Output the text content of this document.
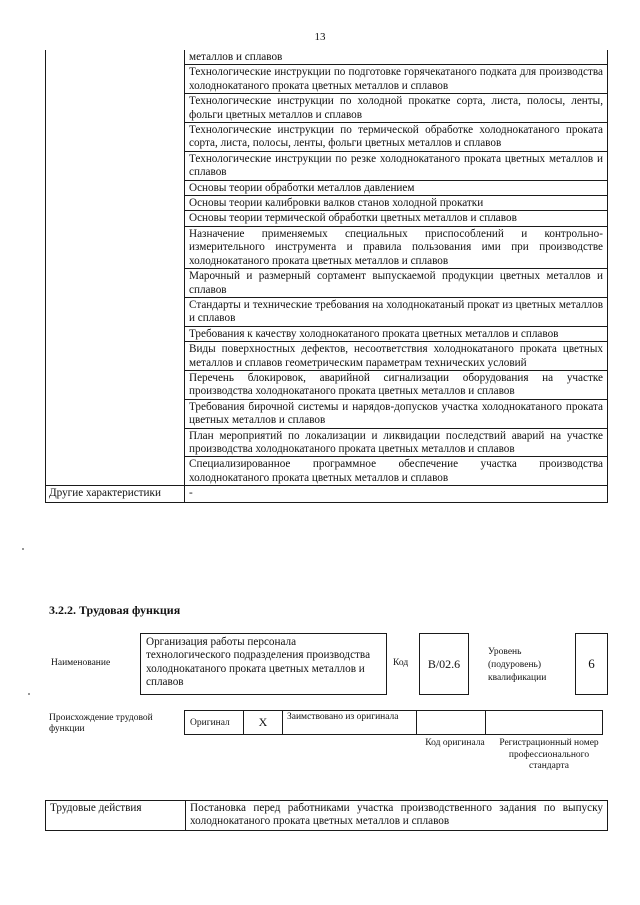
13
	металлов и сплавов
	Технологические инструкции по подготовке горячекатаного подката для производства холоднокатаного проката цветных металлов и сплавов
	Технологические инструкции по холодной прокатке сорта, листа, полосы, ленты, фольги цветных металлов и сплавов
	Технологические инструкции по термической обработке холоднокатаного проката сорта, листа, полосы, ленты, фольги цветных металлов и сплавов
	Технологические инструкции по резке холоднокатаного проката цветных металлов и сплавов
	Основы теории обработки металлов давлением
	Основы теории калибровки валков станов холодной прокатки
	Основы теории термической обработки цветных металлов и сплавов
	Назначение применяемых специальных приспособлений и контрольно-измерительного инструмента и правила пользования ими при производстве холоднокатаного проката цветных металлов и сплавов
	Марочный и размерный сортамент выпускаемой продукции цветных металлов и сплавов
	Стандарты и технические требования на холоднокатаный прокат из цветных металлов и сплавов
	Требования к качеству холоднокатаного проката цветных металлов и сплавов
	Виды поверхностных дефектов, несоответствия холоднокатаного проката цветных металлов и сплавов геометрическим параметрам технических условий
	Перечень блокировок, аварийной сигнализации оборудования на участке производства холоднокатаного проката цветных металлов и сплавов
	Требования бирочной системы и нарядов-допусков участка холоднокатаного проката цветных металлов и сплавов
	План мероприятий по локализации и ликвидации последствий аварий на участке производства холоднокатаного проката цветных металлов и сплавов
	Специализированное программное обеспечение участка производства холоднокатаного проката цветных металлов и сплавов
Другие характеристики	-
3.2.2. Трудовая функция
Наименование
Организация работы персонала технологического подразделения производства холоднокатаного проката цветных металлов и сплавов
Код	B/02.6
Уровень (подуровень) квалификации
6
Происхождение трудовой функции
Оригинал	X	Заимствовано из оригинала
Код оригинала	Регистрационный номер профессионального стандарта
Трудовые действия	Постановка перед работниками участка производственного задания по выпуску холоднокатаного проката цветных металлов и сплавов
